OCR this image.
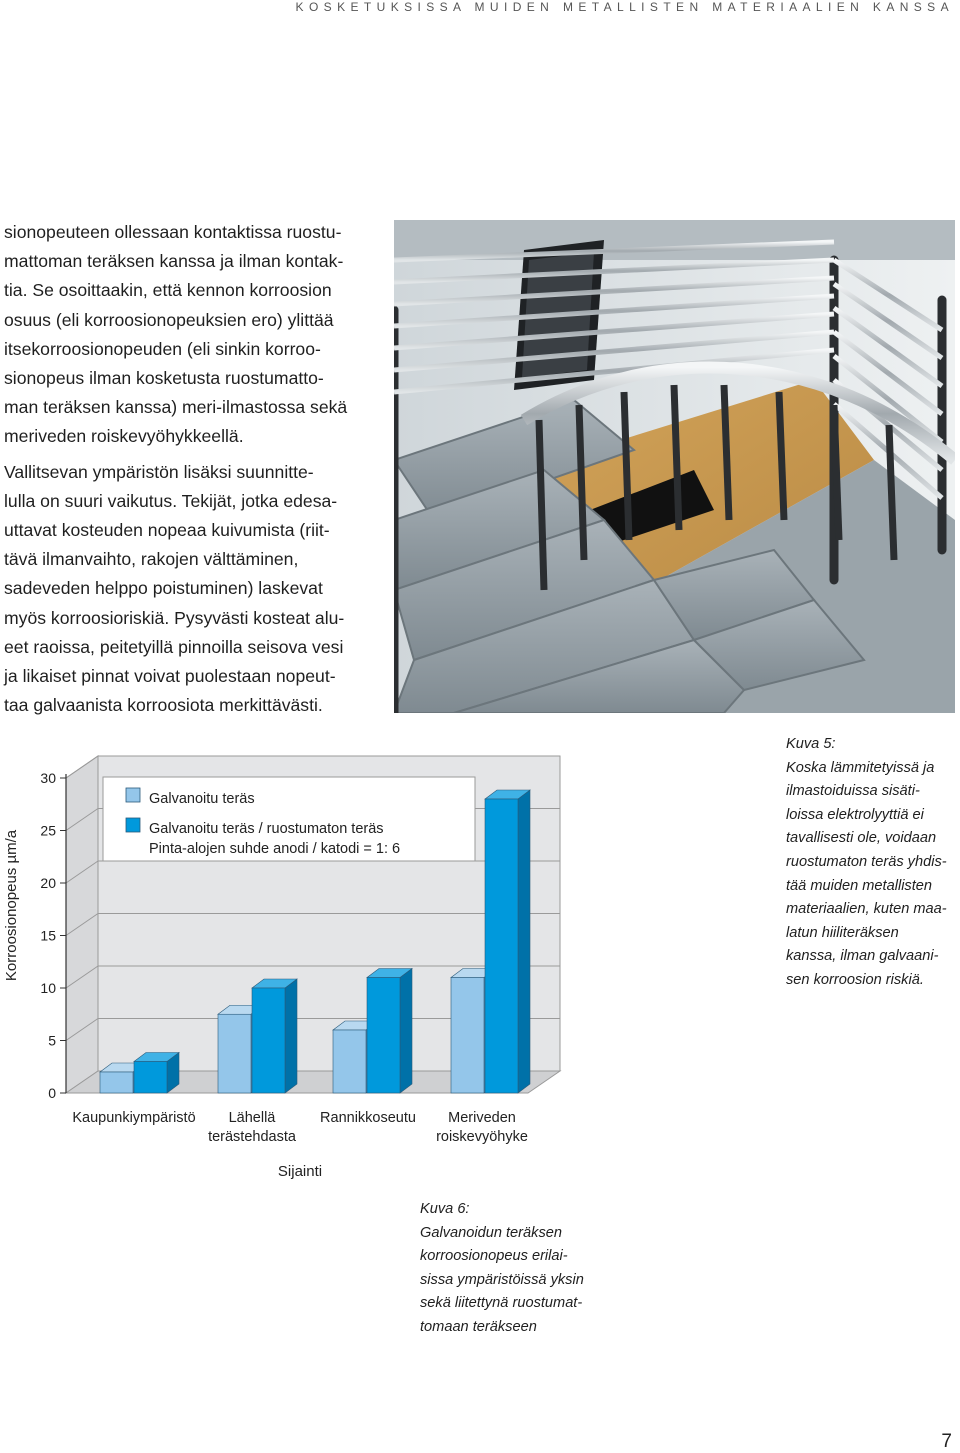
KOSKETUKSISSA MUIDEN METALLISTEN MATERIAALIEN KANSSA

sionopeuteen ollessaan kontaktissa ruostu-
mattoman teräksen kanssa ja ilman kontak-
tia. Se osoittaakin, että kennon korroosion
osuus (eli korroosionopeuksien ero) ylittää
itsekorroosionopeuden (eli sinkin korroo-
sionopeus ilman kosketusta ruostumatto-
man teräksen kanssa) meri-ilmastossa sekä
meriveden roiskevyöhykkeellä.

Vallitsevan ympäristön lisäksi suunnitte-
lulla on suuri vaikutus. Tekijät, jotka edesa-
uttavat kosteuden nopeaa kuivumista (riit-
tävä ilmanvaihto, rakojen välttäminen,
sadeveden helppo poistuminen) laskevat
myös korroosioriskiä. Pysyvästi kosteat alu-
eet raoissa, peitetyillä pinnoilla seisova vesi
ja likaiset pinnat voivat puolestaan nopeut-
taa galvaanista korroosiota merkittävästi.

Kuva 5:
Koska lämmitetyissä ja
ilmastoiduissa sisäti-
loissa elektrolyyttiä ei
tavallisesti ole, voidaan
ruostumaton teräs yhdis-
tää muiden metallisten
materiaalien, kuten maa-
latun hiiliteräksen
kanssa, ilman galvaani-
sen korroosion riskiä.
0
5
10
15
20
25
30
Korroosionopeus µm/a
Kaupunkiympäristö Lähellä
terästehdasta
Rannikkoseutu Meriveden
roiskevyöhyke
Sijainti
Galvanoitu teräs
Galvanoitu teräs / ruostumaton teräs
Pinta-alojen suhde anodi / katodi = 1: 6
Kuva 6:
Galvanoidun teräksen
korroosionopeus erilai-
sissa ympäristöissä yksin
sekä liitettynä ruostumat-
tomaan teräkseen
7
